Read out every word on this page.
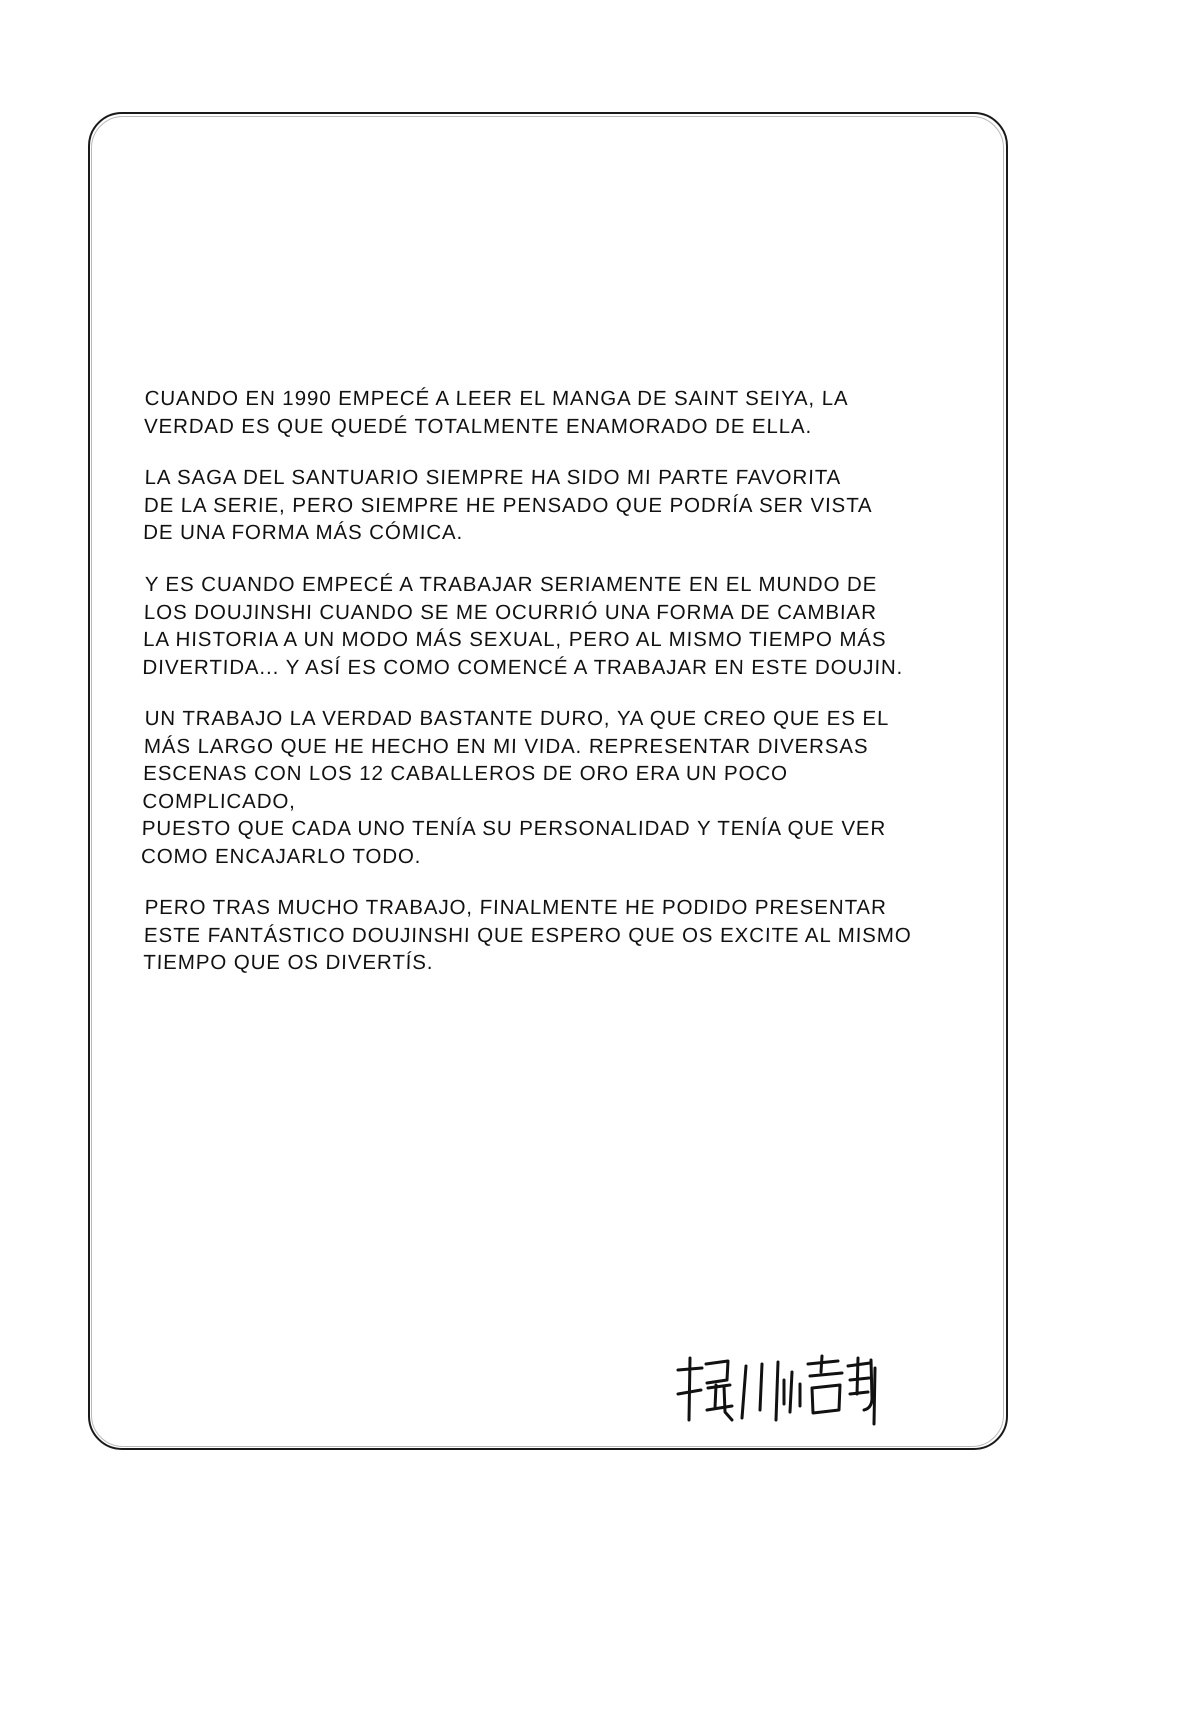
CUANDO EN 1990 EMPECÉ A LEER EL MANGA DE SAINT SEIYA, LA
VERDAD ES QUE QUEDÉ TOTALMENTE ENAMORADO DE ELLA.

LA SAGA DEL SANTUARIO SIEMPRE HA SIDO MI PARTE FAVORITA
DE LA SERIE, PERO SIEMPRE HE PENSADO QUE PODRÍA SER VISTA
DE UNA FORMA MÁS CÓMICA.

Y ES CUANDO EMPECÉ A TRABAJAR SERIAMENTE EN EL MUNDO DE
LOS DOUJINSHI CUANDO SE ME OCURRIÓ UNA FORMA DE CAMBIAR
LA HISTORIA A UN MODO MÁS SEXUAL, PERO AL MISMO TIEMPO MÁS
DIVERTIDA... Y ASÍ ES COMO COMENCÉ A TRABAJAR EN ESTE DOUJIN.

UN TRABAJO LA VERDAD BASTANTE DURO, YA QUE CREO QUE ES EL
MÁS LARGO QUE HE HECHO EN MI VIDA. REPRESENTAR DIVERSAS
ESCENAS CON LOS 12 CABALLEROS DE ORO ERA UN POCO COMPLICADO,
PUESTO QUE CADA UNO TENÍA SU PERSONALIDAD Y TENÍA QUE VER
COMO ENCAJARLO TODO.

PERO TRAS MUCHO TRABAJO, FINALMENTE HE PODIDO PRESENTAR
ESTE FANTÁSTICO DOUJINSHI QUE ESPERO QUE OS EXCITE AL MISMO
TIEMPO QUE OS DIVERTÍS.
